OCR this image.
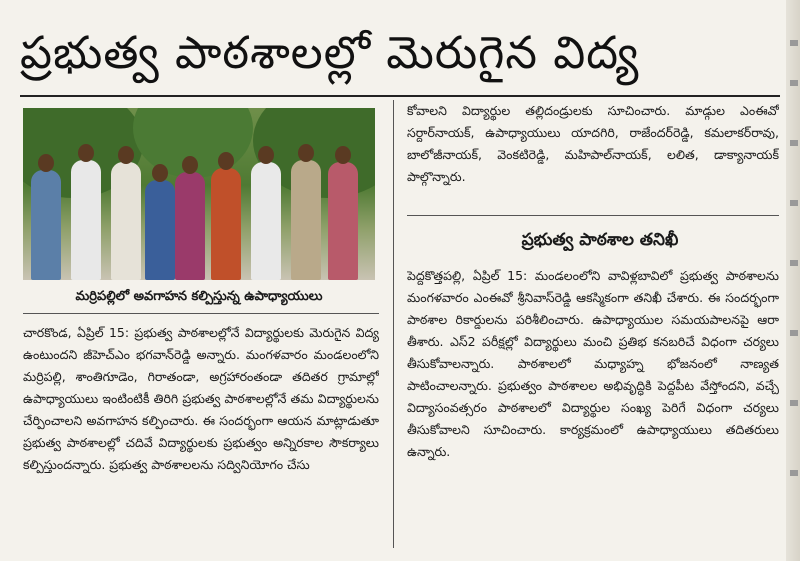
ప్రభుత్వ పాఠశాలల్లో మెరుగైన విద్య
మర్రిపల్లిలో అవగాహన కల్పిస్తున్న ఉపాధ్యాయులు

చారకొండ, ఏప్రిల్ 15: ప్రభుత్వ పాఠశాలల్లోనే విద్యార్థులకు మెరుగైన విద్య ఉంటుందని జీహెచ్‌ఎం భగవాన్‌రెడ్డి అన్నారు. మంగళవారం మండలంలోని మర్రిపల్లి, శాంతిగూడెం, గిరాతండా, అగ్రహారంతండా తదితర గ్రామాల్లో ఉపాధ్యాయులు ఇంటింటికీ తిరిగి ప్రభుత్వ పాఠశాలల్లోనే తమ విద్యార్థులను చేర్పించాలని అవగాహన కల్పించారు. ఈ సందర్భంగా ఆయన మాట్లాడుతూ ప్రభుత్వ పాఠశాలల్లో చదివే విద్యార్థులకు ప్రభుత్వం అన్నిరకాల సౌకర్యాలు కల్పిస్తుందన్నారు. ప్రభుత్వ పాఠశాలలను సద్వినియోగం చేసు

కోవాలని విద్యార్థుల తల్లిదండ్రులకు సూచించారు. మాడ్గుల ఎంఈవో సర్దార్‌నాయక్, ఉపాధ్యాయులు యాదగిరి, రాజేందర్‌రెడ్డి, కమలాకర్‌రావు, బాలోజీనాయక్, వెంకటిరెడ్డి, మహిపాల్‌నాయక్, లలిత, డాక్యానాయక్ పాల్గొన్నారు.

ప్రభుత్వ పాఠశాల తనిఖీ

పెద్దకొత్తపల్లి, ఏప్రిల్ 15: మండలంలోని వావిళ్లబావిలో ప్రభుత్వ పాఠశాలను మంగళవారం ఎంఈవో శ్రీనివాస్‌రెడ్డి ఆకస్మికంగా తనిఖీ చేశారు. ఈ సందర్భంగా పాఠశాల రికార్డులను పరిశీలించారు. ఉపాధ్యాయుల సమయపాలనపై ఆరా తీశారు. ఎస్2 పరీక్షల్లో విద్యార్థులు మంచి ప్రతిభ కనబరిచే విధంగా చర్యలు తీసుకోవాలన్నారు. పాఠశాలలో మధ్యాహ్న భోజనంలో నాణ్యత పాటించాలన్నారు. ప్రభుత్వం పాఠశాలల అభివృద్ధికి పెద్దపీట వేస్తోందని, వచ్చే విద్యాసంవత్సరం పాఠశాలలో విద్యార్థుల సంఖ్య పెరిగే విధంగా చర్యలు తీసుకోవాలని సూచించారు. కార్యక్రమంలో ఉపాధ్యాయులు తదితరులు ఉన్నారు.
